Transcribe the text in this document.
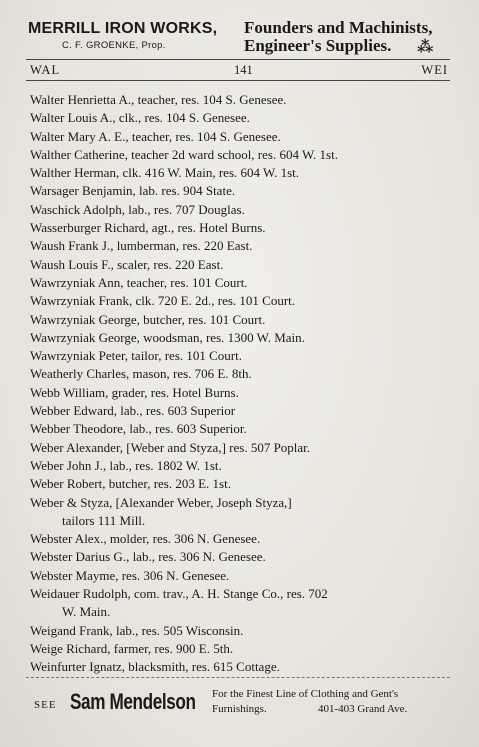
MERRILL IRON WORKS,
C. F. GROENKE, Prop.
Founders and Machinists,
Engineer's Supplies. ⁂
WAL	141	WEI
Walter Henrietta A., teacher, res. 104 S. Genesee.
Walter Louis A., clk., res. 104 S. Genesee.
Walter Mary A. E., teacher, res. 104 S. Genesee.
Walther Catherine, teacher 2d ward school, res. 604 W. 1st.
Walther Herman, clk. 416 W. Main, res. 604 W. 1st.
Warsager Benjamin, lab. res. 904 State.
Waschick Adolph, lab., res. 707 Douglas.
Wasserburger Richard, agt., res. Hotel Burns.
Waush Frank J., lumberman, res. 220 East.
Waush Louis F., scaler, res. 220 East.
Wawrzyniak Ann, teacher, res. 101 Court.
Wawrzyniak Frank, clk. 720 E. 2d., res. 101 Court.
Wawrzyniak George, butcher, res. 101 Court.
Wawrzyniak George, woodsman, res. 1300 W. Main.
Wawrzyniak Peter, tailor, res. 101 Court.
Weatherly Charles, mason, res. 706 E. 8th.
Webb William, grader, res. Hotel Burns.
Webber Edward, lab., res. 603 Superior
Webber Theodore, lab., res. 603 Superior.
Weber Alexander, [Weber and Styza,] res. 507 Poplar.
Weber John J., lab., res. 1802 W. 1st.
Weber Robert, butcher, res. 203 E. 1st.
Weber & Styza, [Alexander Weber, Joseph Styza,]
tailors 111 Mill.
Webster Alex., molder, res. 306 N. Genesee.
Webster Darius G., lab., res. 306 N. Genesee.
Webster Mayme, res. 306 N. Genesee.
Weidauer Rudolph, com. trav., A. H. Stange Co., res. 702
W. Main.
Weigand Frank, lab., res. 505 Wisconsin.
Weige Richard, farmer, res. 900 E. 5th.
Weinfurter Ignatz, blacksmith, res. 615 Cottage.
SEE Sam Mendelson For the Finest Line of Clothing and Gent's
Furnishings.	401-403 Grand Ave.
